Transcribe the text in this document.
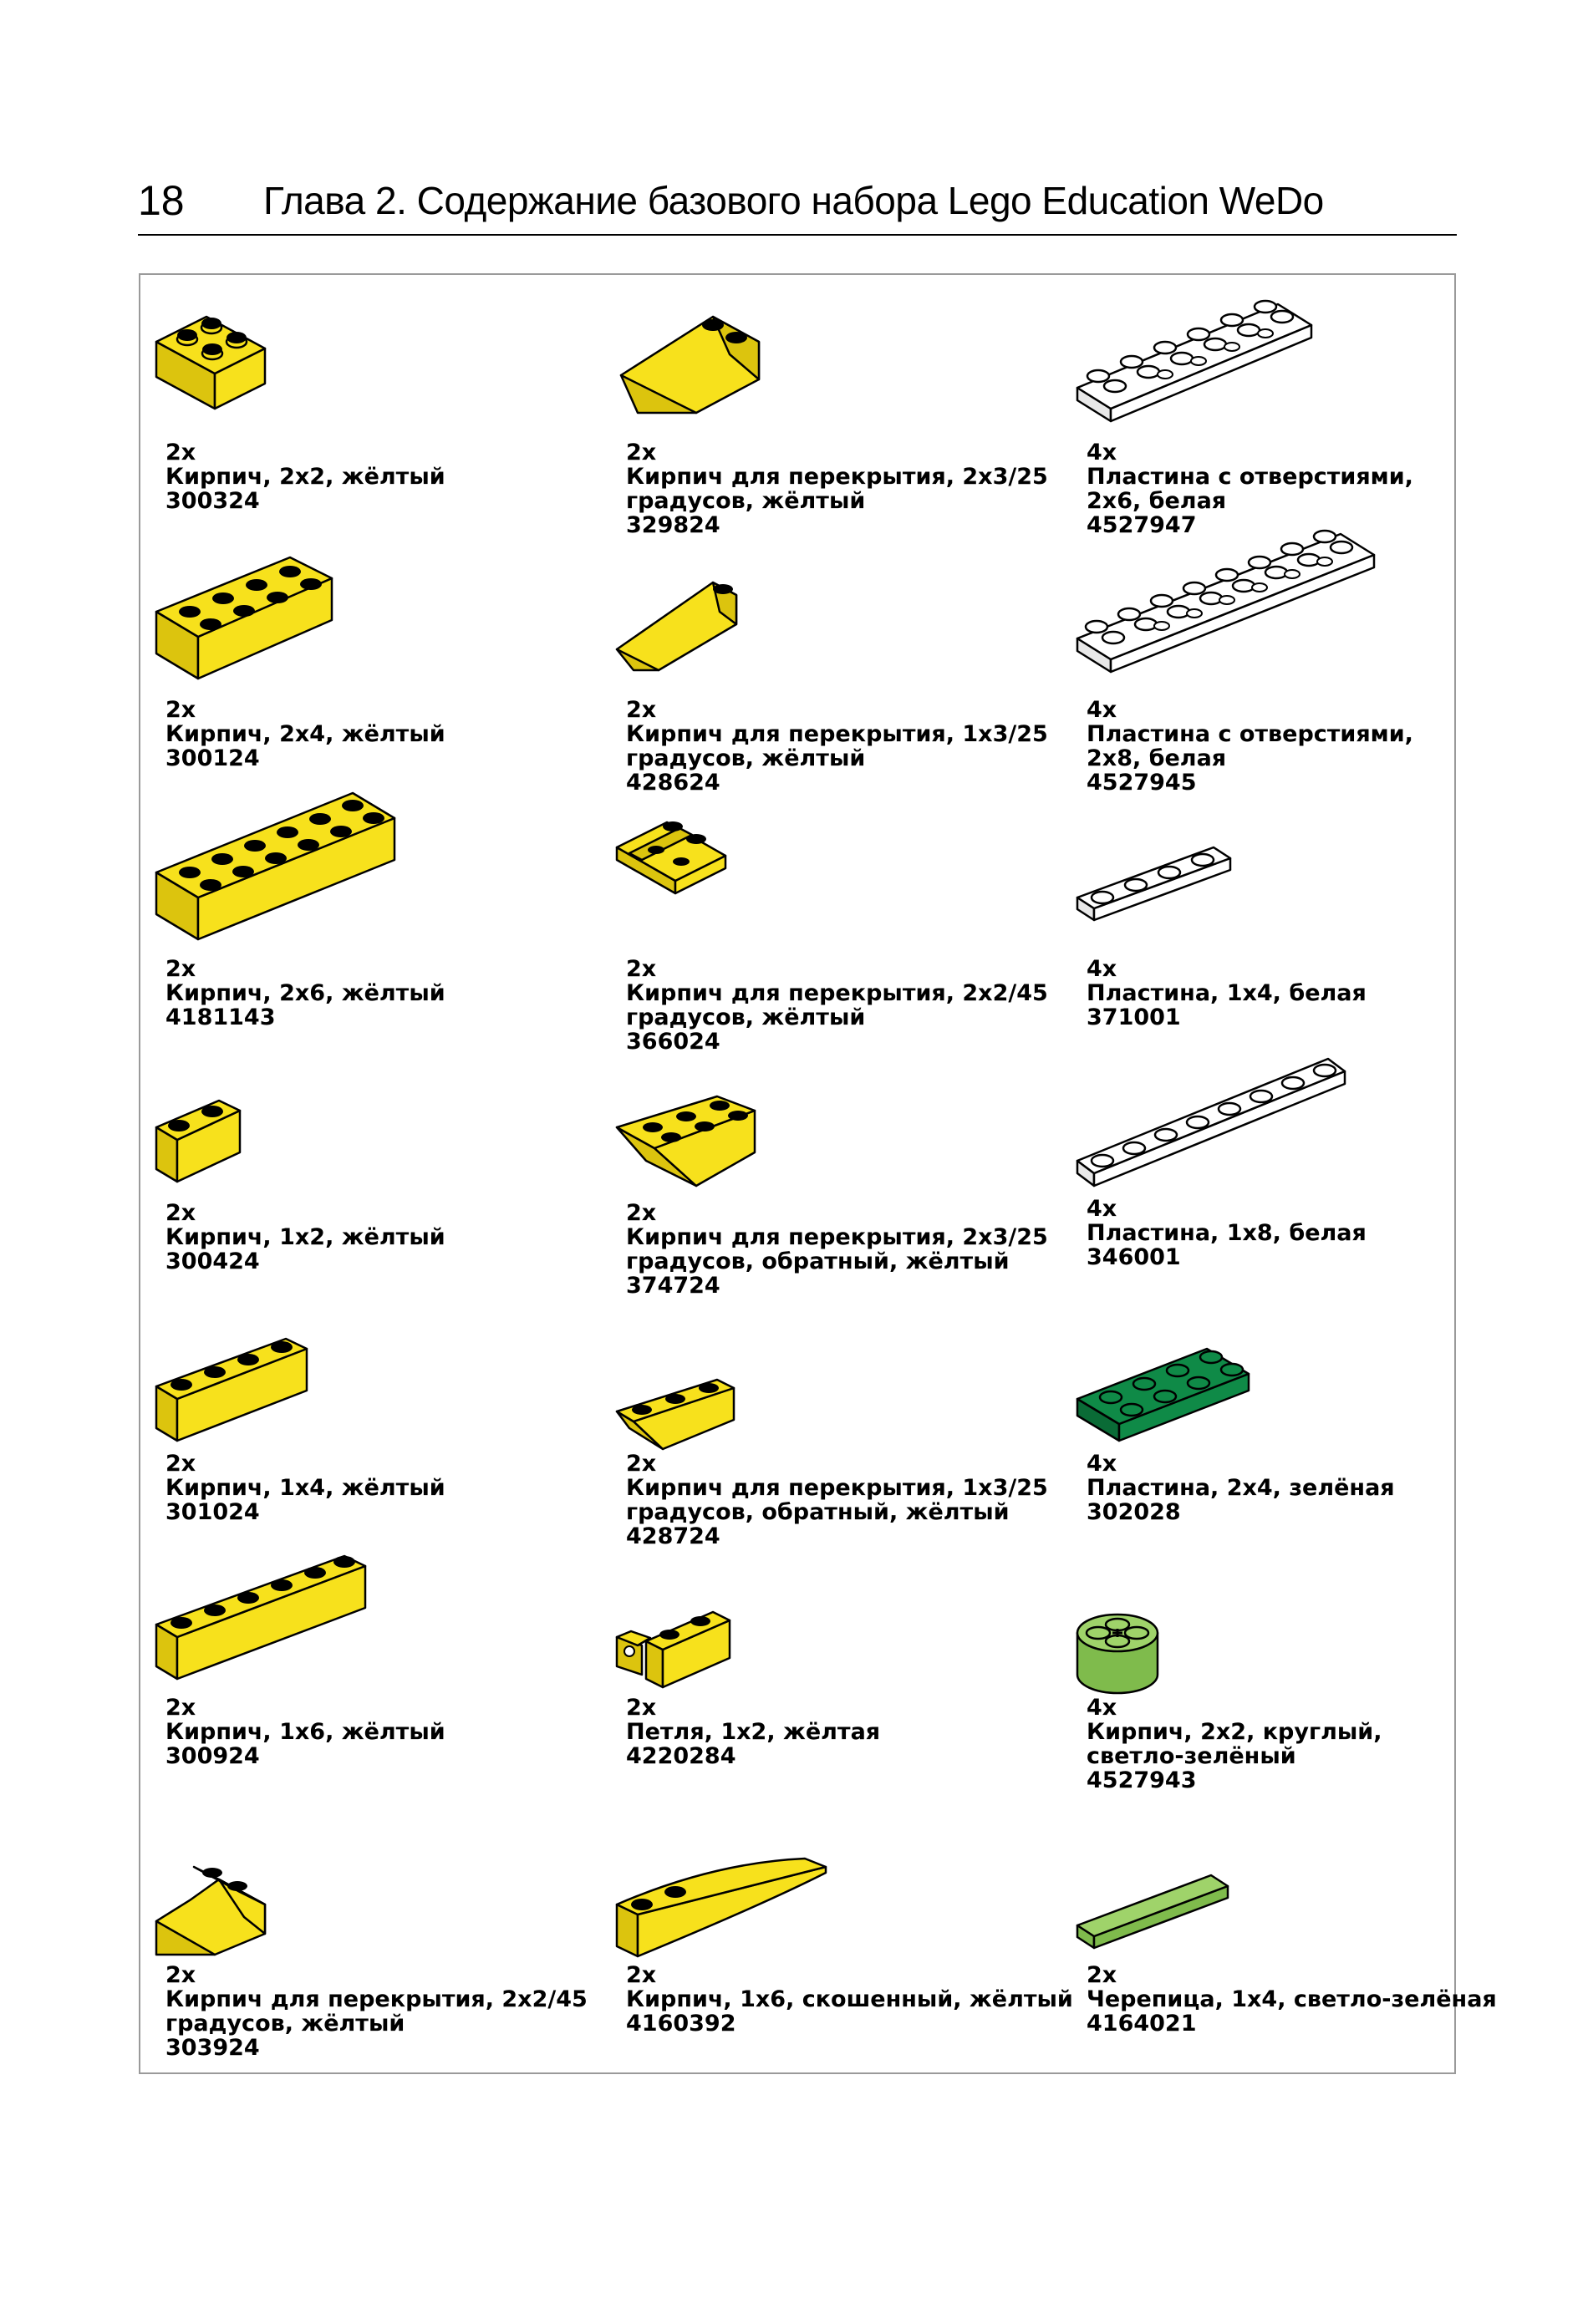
18 Глава 2. Содержание базового набора Lego Education WeDo
2x
Кирпич, 2x2, жёлтый
300324
2x
Кирпич для перекрытия, 2x3/25
градусов, жёлтый
329824
4x
Пластина с отверстиями,
2x6, белая
4527947
2x
Кирпич, 2x4, жёлтый
300124
2x
Кирпич для перекрытия, 1x3/25
градусов, жёлтый
428624
4x
Пластина с отверстиями,
2x8, белая
4527945
2x
Кирпич, 2x6, жёлтый
4181143
2x
Кирпич для перекрытия, 2x2/45
градусов, жёлтый
366024
4x
Пластина, 1x4, белая
371001
2x
Кирпич, 1x2, жёлтый
300424
2x
Кирпич для перекрытия, 2x3/25
градусов, обратный, жёлтый
374724
4x
Пластина, 1x8, белая
346001
2x
Кирпич, 1x4, жёлтый
301024
2x
Кирпич для перекрытия, 1x3/25
градусов, обратный, жёлтый
428724
4x
Пластина, 2x4, зелёная
302028
2x
Кирпич, 1x6, жёлтый
300924
2x
Петля, 1x2, жёлтая
4220284
4x
Кирпич, 2x2, круглый,
светло-зелёный
4527943
2x
Кирпич для перекрытия, 2x2/45
градусов, жёлтый
303924
2x
Кирпич, 1x6, скошенный, жёлтый
4160392
2x
Черепица, 1x4, светло-зелёная
4164021
